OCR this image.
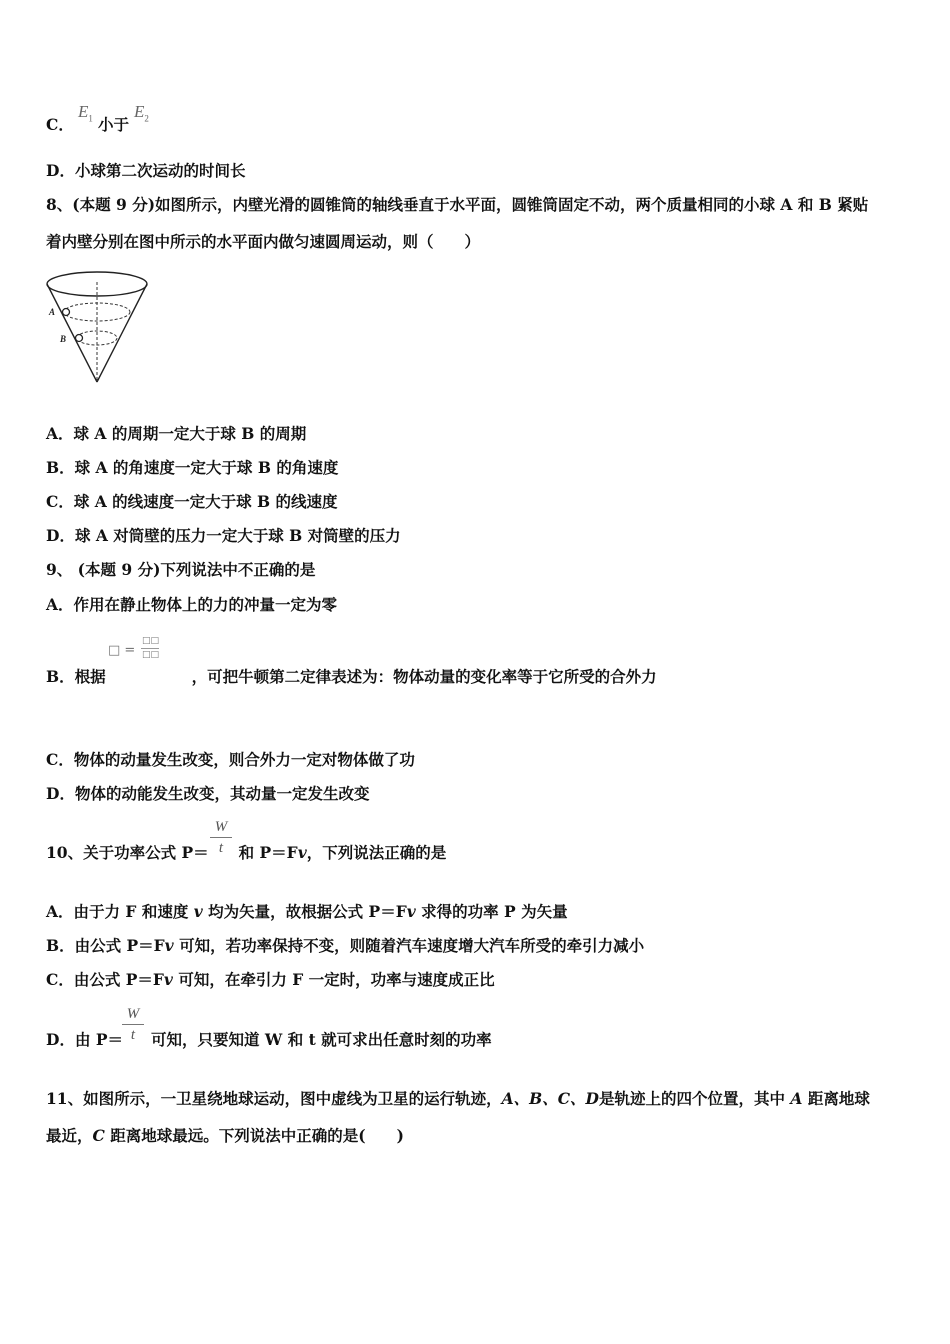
C．
$E_1$ 小于
$E_2$
D．小球第二次运动的时间长
8、(本题 9 分)如图所示，内壁光滑的圆锥筒的轴线垂直于水平面，圆锥筒固定不动，两个质量相同的小球 A 和 B 紧贴
着内壁分别在图中所示的水平面内做匀速圆周运动，则（　　）
A
B
A．球 A 的周期一定大于球 B 的周期
B．球 A 的角速度一定大于球 B 的角速度
C．球 A 的线速度一定大于球 B 的线速度
D．球 A 对筒壁的压力一定大于球 B 对筒壁的压力
9、 (本题 9 分)下列说法中不正确的是
A．作用在静止物体上的力的冲量一定为零
□ =
□□
□□
B．根据	，可把牛顿第二定律表述为：物体动量的变化率等于它所受的合外力
C．物体的动量发生改变，则合外力一定对物体做了功
D．物体的动能发生改变，其动量一定发生改变
W
t
10、关于功率公式 P＝ 和 P＝Fv，下列说法正确的是
A．由于力 F 和速度 v 均为矢量，故根据公式 P＝Fv 求得的功率 P 为矢量
B．由公式 P＝Fv 可知，若功率保持不变，则随着汽车速度增大汽车所受的牵引力减小
C．由公式 P＝Fv 可知，在牵引力 F 一定时，功率与速度成正比
W
t
D．由 P＝ 可知，只要知道 W 和 t 就可求出任意时刻的功率
11、如图所示，一卫星绕地球运动，图中虚线为卫星的运行轨迹，A、B、C、D是轨迹上的四个位置，其中 A 距离地球
最近，C 距离地球最远。下列说法中正确的是(　　)
